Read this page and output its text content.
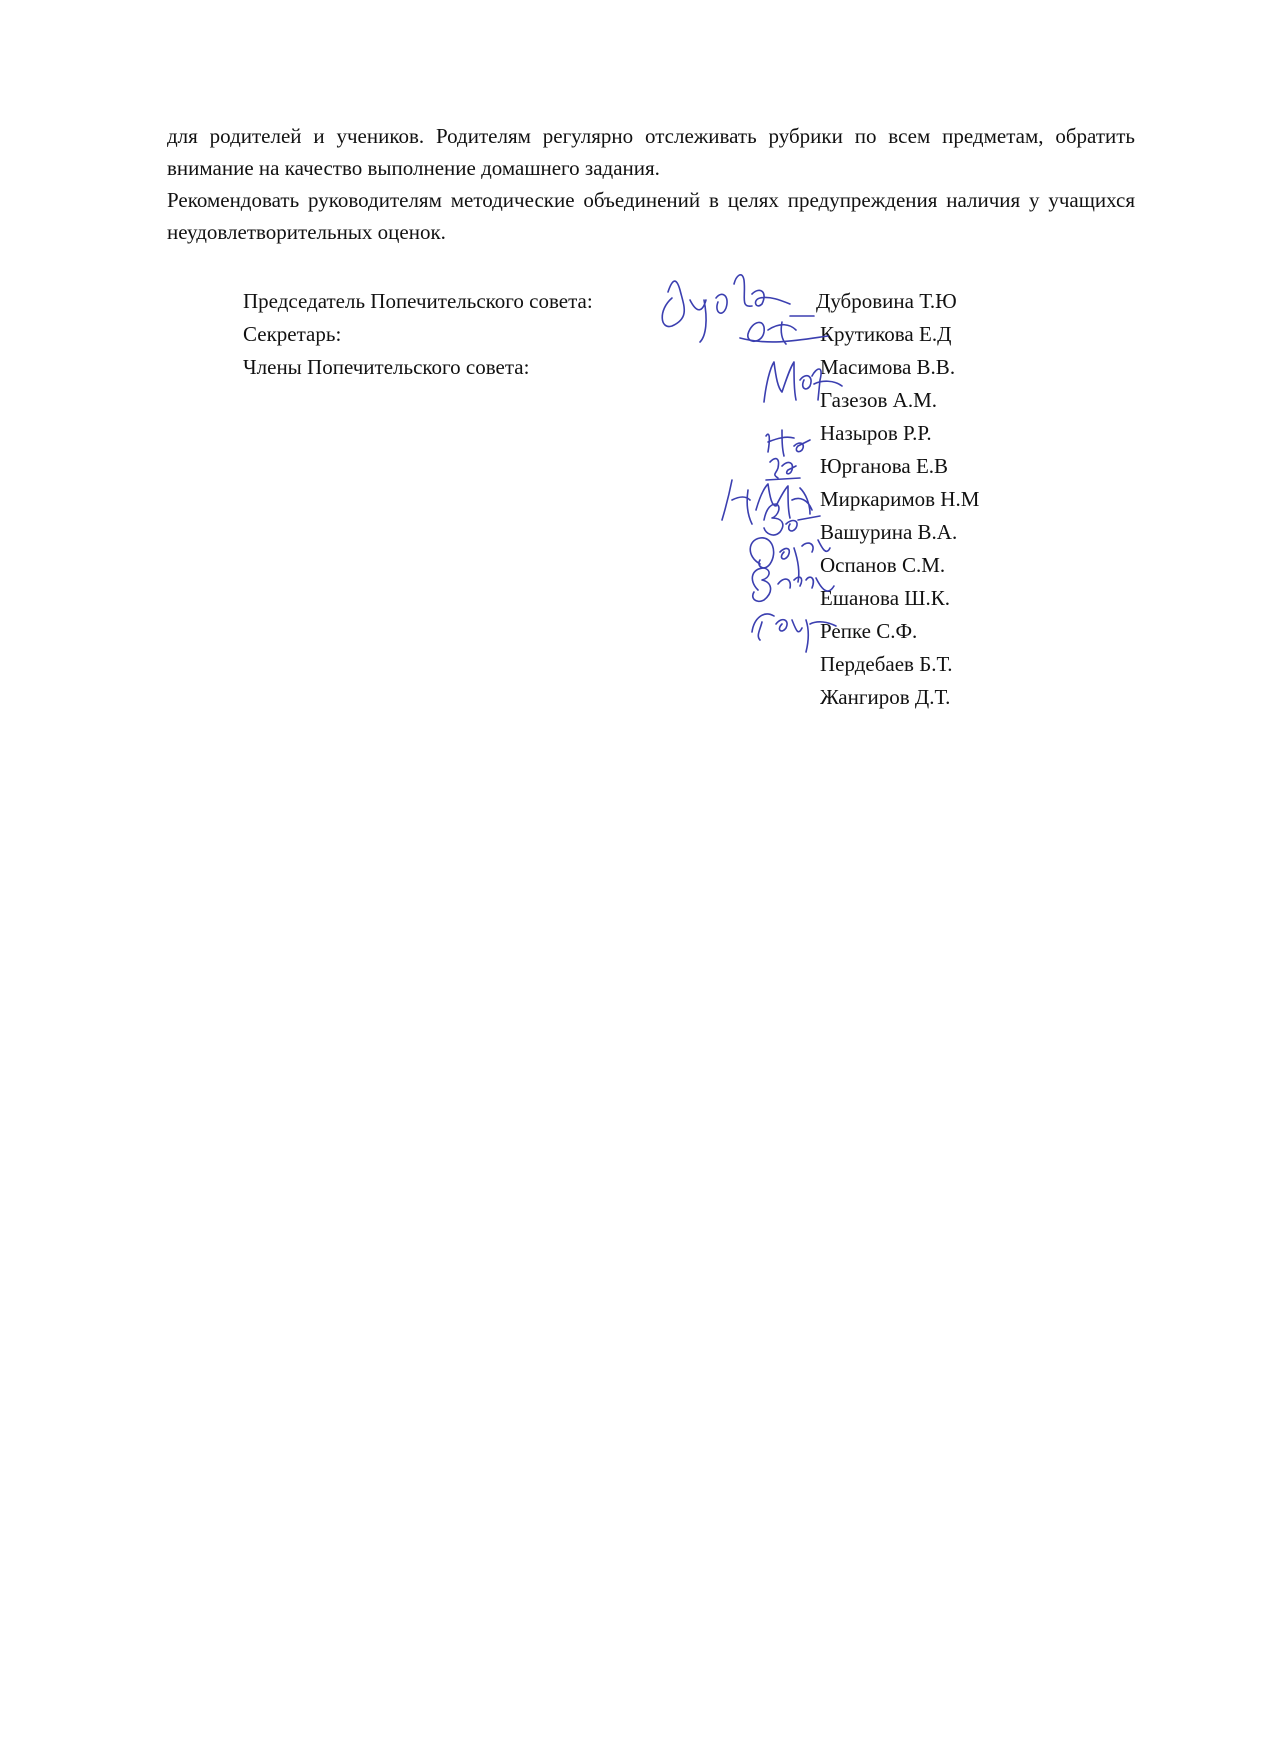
для родителей и учеников. Родителям регулярно отслеживать рубрики по всем предметам, обратить внимание на качество выполнение домашнего задания.

Рекомендовать руководителям методические объединений в целях предупреждения наличия у учащихся неудовлетворительных оценок.

Председатель Попечительского совета:
Секретарь:
Члены Попечительского совета:
Дубровина Т.Ю
Крутикова Е.Д
Масимова В.В.
Газезов А.М.
Назыров Р.Р.
Юрганова Е.В
Миркаримов Н.М
Вашурина В.А.
Оспанов С.М.
Ешанова Ш.К.
Репке С.Ф.
Пердебаев Б.Т.
Жангиров Д.Т.
